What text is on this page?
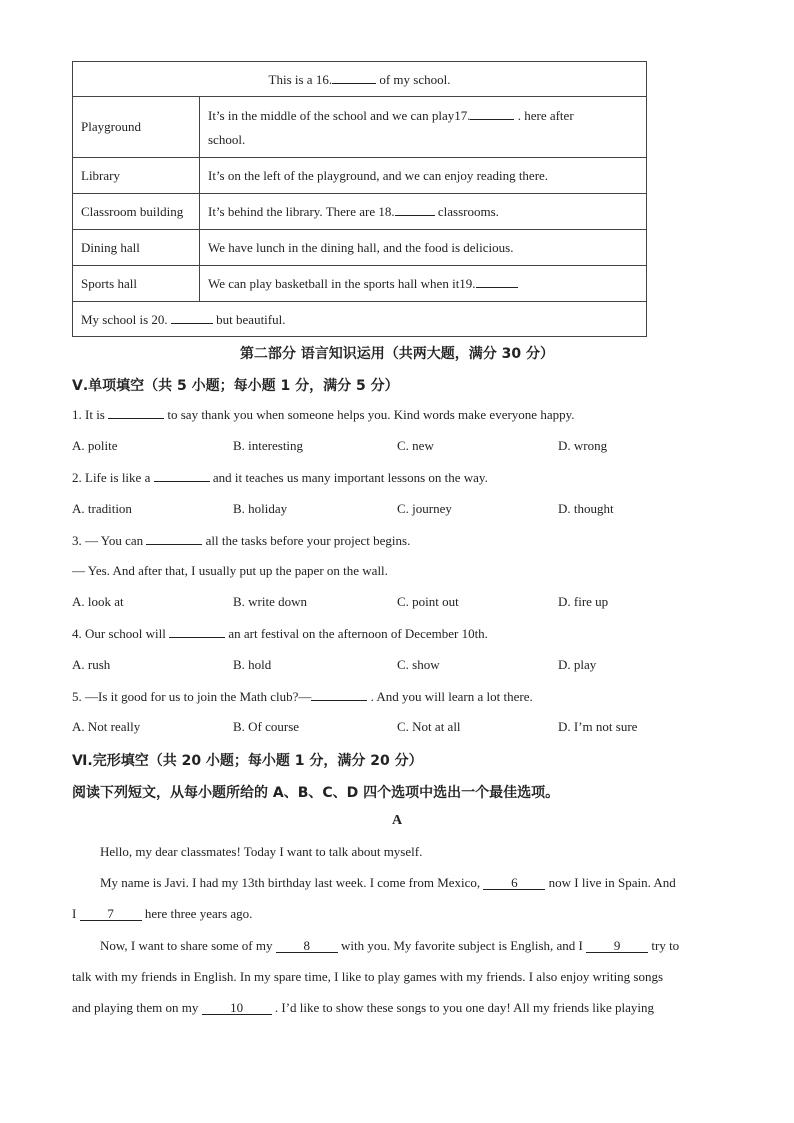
This is a 16. of my school.	
Playground	It’s in the middle of the school and we can play17. . here after
school.

Library	It’s on the left of the playground, and we can enjoy reading there.
Classroom building	It’s behind the library. There are 18. classrooms.
Dining hall	We have lunch in the dining hall, and the food is delicious.
Sports hall	We can play basketball in the sports hall when it19.
My school is 20. but beautiful.	
第二部分 语言知识运用（共两大题，满分 30 分）
Ⅴ.单项填空（共 5 小题；每小题 1 分，满分 5 分）
1. It is	to say thank you when someone helps you. Kind words make everyone happy.
A. polite	B. interesting	C. new	D. wrong
2. Life is like a	and it teaches us many important lessons on the way.
A. tradition	B. holiday	C. journey	D. thought
3. — You can	all the tasks before your project begins.
— Yes. And after that, I usually put up the paper on the wall.
A. look at	B. write down	C. point out	D. fire up
4. Our school will	an art festival on the afternoon of December 10th.
A. rush	B. hold	C. show	D. play
5. —Is it good for us to join the Math club?—	. And you will learn a lot there.
A. Not really	B. Of course	C. Not at all	D. I’m not sure
Ⅵ.完形填空（共 20 小题；每小题 1 分，满分 20 分）
阅读下列短文，从每小题所给的 A、B、C、D 四个选项中选出一个最佳选项。
A
Hello, my dear classmates! Today I want to talk about myself.
My name is Javi. I had my 13th birthday last week. I come from Mexico, 6 now I live in Spain. And
I 7 here three years ago.
Now, I want to share some of my 8 with you. My favorite subject is English, and I 9 try to
talk with my friends in English. In my spare time, I like to play games with my friends. I also enjoy writing songs
and playing them on my 10 . I’d like to show these songs to you one day! All my friends like playing
